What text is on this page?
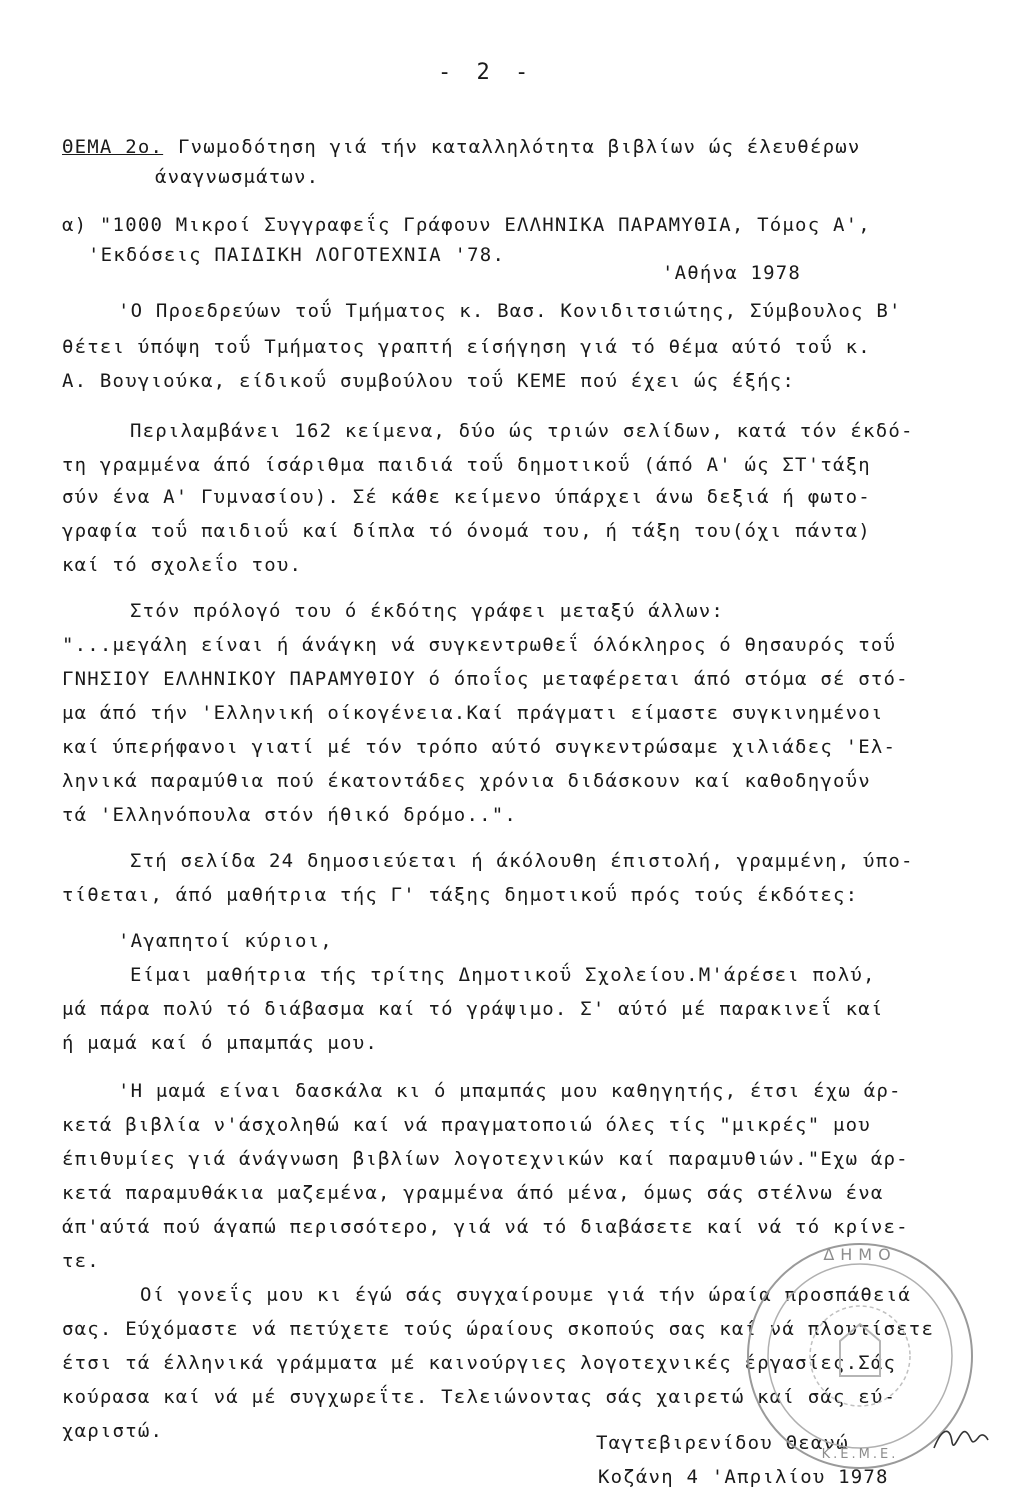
- 2 -
ΘΕΜΑ 2ο. Γνωμοδότηση γιά τήν καταλληλότητα βιβλίων ώς έλευθέρων
άναγνωσμάτων.
α) "1000 Μικροί Συγγραφεΐς Γράφουν ΕΛΛΗΝΙΚΑ ΠΑΡΑΜΥΘΙΑ, Τόμος Α',
'Εκδόσεις ΠΑΙΔΙΚΗ ΛΟΓΟΤΕΧΝΙΑ '78.
'Αθήνα 1978
'Ο Προεδρεύων τοΰ Τμήματος κ. Βασ. Κονιδιτσιώτης, Σύμβουλος Β'
θέτει ύπόψη τοΰ Τμήματος γραπτή είσήγηση γιά τό θέμα αύτό τοΰ κ.
Α. Βουγιούκα, είδικοΰ συμβούλου τοΰ ΚΕΜΕ πού έχει ώς έξής:
Περιλαμβάνει 162 κείμενα, δύο ώς τριών σελίδων, κατά τόν έκδό-
τη γραμμένα άπό ίσάριθμα παιδιά τοΰ δημοτικοΰ (άπό Α' ώς ΣΤ'τάξη
σύν ένα Α' Γυμνασίου). Σέ κάθε κείμενο ύπάρχει άνω δεξιά ή φωτο-
γραφία τοΰ παιδιοΰ καί δίπλα τό όνομά του, ή τάξη του(όχι πάντα)
καί τό σχολεΐο του.
Στόν πρόλογό του ό έκδότης γράφει μεταξύ άλλων:
"...μεγάλη είναι ή άνάγκη νά συγκεντρωθεΐ όλόκληρος ό θησαυρός τοΰ
ΓΝΗΣΙΟΥ ΕΛΛΗΝΙΚΟΥ ΠΑΡΑΜΥΘΙΟΥ ό όποΐος μεταφέρεται άπό στόμα σέ στό-
μα άπό τήν 'Ελληνική οίκογένεια.Καί πράγματι είμαστε συγκινημένοι
καί ύπερήφανοι γιατί μέ τόν τρόπο αύτό συγκεντρώσαμε χιλιάδες 'Ελ-
ληνικά παραμύθια πού έκατοντάδες χρόνια διδάσκουν καί καθοδηγοΰν
τά 'Ελληνόπουλα στόν ήθικό δρόμο..".
Στή σελίδα 24 δημοσιεύεται ή άκόλουθη έπιστολή, γραμμένη, ύπο-
τίθεται, άπό μαθήτρια τής Γ' τάξης δημοτικοΰ πρός τούς έκδότες:
'Αγαπητοί κύριοι,
Είμαι μαθήτρια τής τρίτης Δημοτικοΰ Σχολείου.Μ'άρέσει πολύ,
μά πάρα πολύ τό διάβασμα καί τό γράψιμο. Σ' αύτό μέ παρακινεΐ καί
ή μαμά καί ό μπαμπάς μου.
'Η μαμά είναι δασκάλα κι ό μπαμπάς μου καθηγητής, έτσι έχω άρ-
κετά βιβλία ν'άσχοληθώ καί νά πραγματοποιώ όλες τίς "μικρές" μου
έπιθυμίες γιά άνάγνωση βιβλίων λογοτεχνικών καί παραμυθιών."Εχω άρ-
κετά παραμυθάκια μαζεμένα, γραμμένα άπό μένα, όμως σάς στέλνω ένα
άπ'αύτά πού άγαπώ περισσότερο, γιά νά τό διαβάσετε καί νά τό κρίνε-
τε.
Οί γονεΐς μου κι έγώ σάς συγχαίρουμε γιά τήν ώραία προσπάθειά
σας. Εύχόμαστε νά πετύχετε τούς ώραίους σκοπούς σας καί νά πλουτίσετε
έτσι τά έλληνικά γράμματα μέ καινούργιες λογοτεχνικές έργασίες.Σάς
κούρασα καί νά μέ συγχωρεΐτε. Τελειώνοντας σάς χαιρετώ καί σάς εύ-
χαριστώ.
Ταγτεβιρενίδου Θεανώ
Κοζάνη 4 'Απριλίου 1978
ΔΗΜΟ
Κ.Ε.Μ.Ε.
